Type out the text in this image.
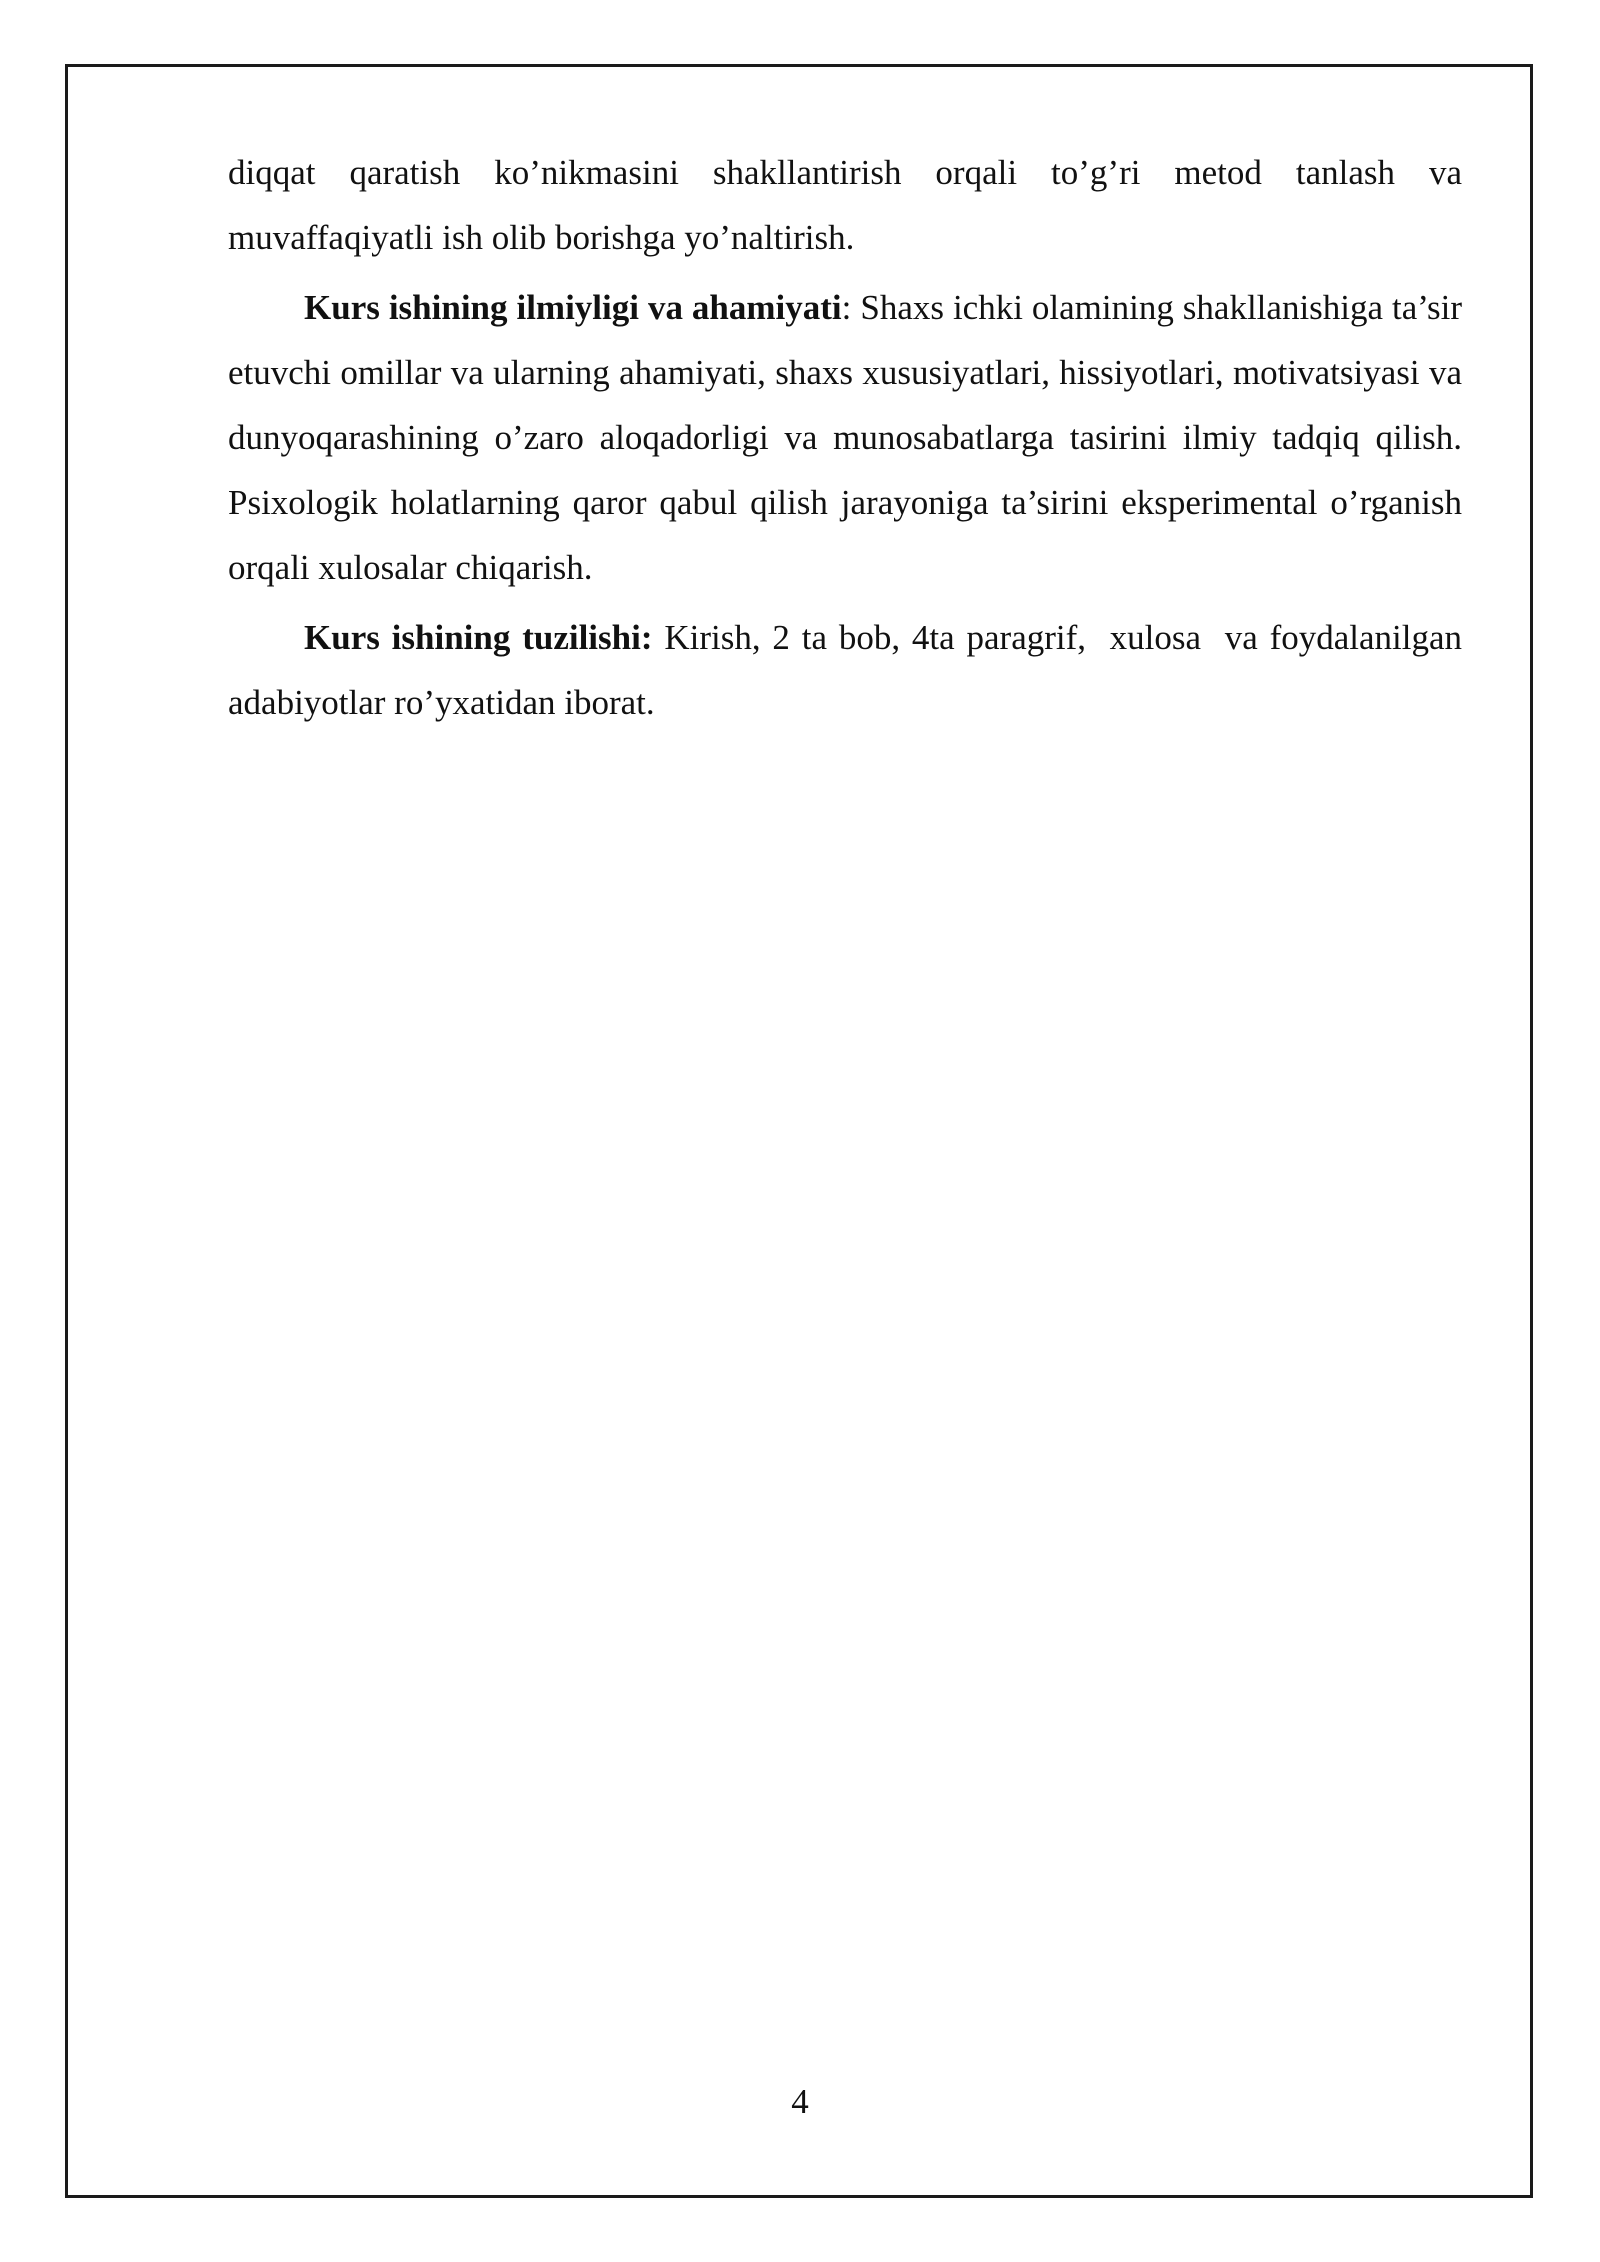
diqqat qaratish ko’nikmasini shakllantirish orqali to’g’ri metod tanlash va muvaffaqiyatli ish olib borishga yo’naltirish.

Kurs ishining ilmiyligi va ahamiyati: Shaxs ichki olamining shakllanishiga ta’sir etuvchi omillar va ularning ahamiyati, shaxs xususiyatlari, hissiyotlari, motivatsiyasi va dunyoqarashining o’zaro aloqadorligi va munosabatlarga tasirini ilmiy tadqiq qilish. Psixologik holatlarning qaror qabul qilish jarayoniga ta’sirini eksperimental o’rganish orqali xulosalar chiqarish.

Kurs ishining tuzilishi: Kirish, 2 ta bob, 4ta paragrif,  xulosa  va foydalanilgan adabiyotlar ro’yxatidan iborat.

4
